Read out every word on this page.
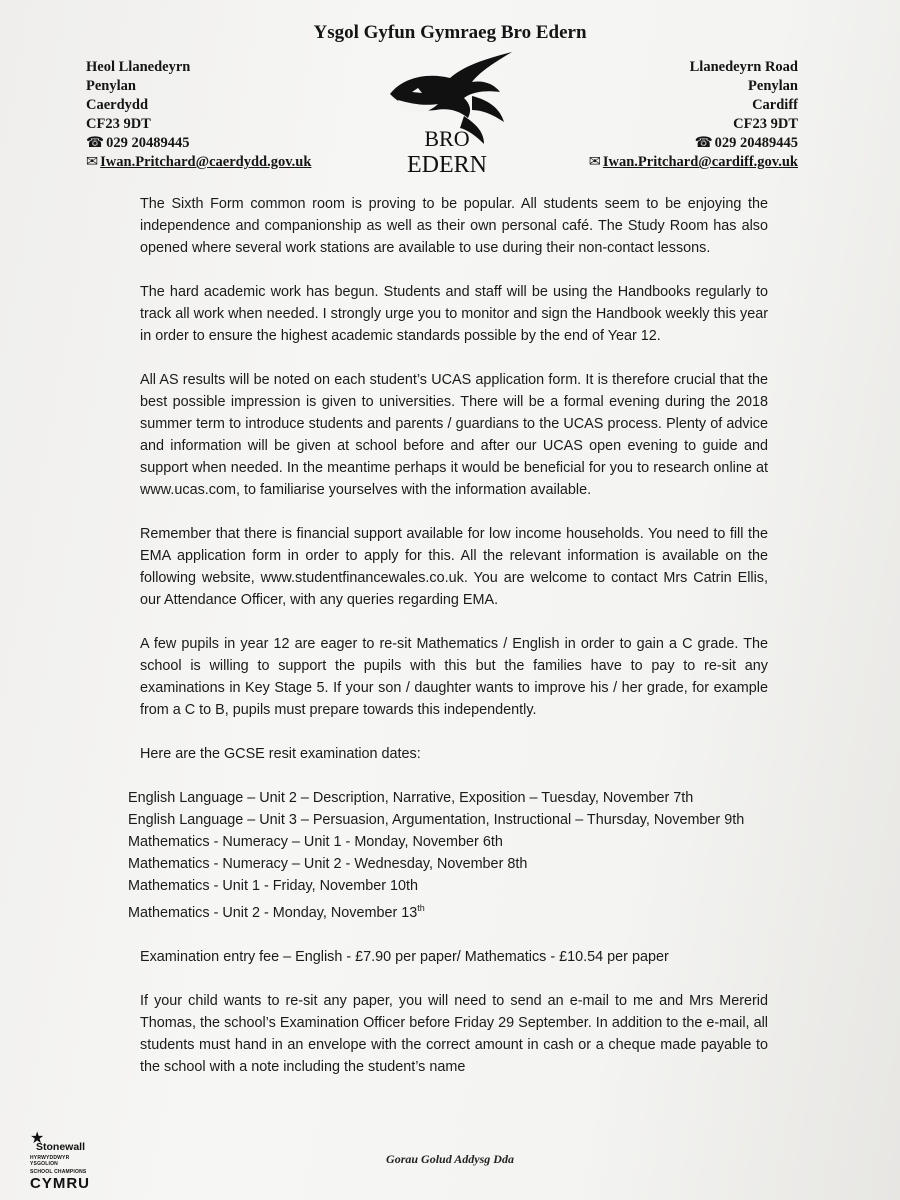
Ysgol Gyfun Gymraeg Bro Edern
Heol Llanedeyrn
Penylan
Caerdydd
CF23 9DT
☎ 029 20489445
✉ Iwan.Pritchard@caerdydd.gov.uk
BRO
EDERN
Llanedeyrn Road
Penylan
Cardiff
CF23 9DT
☎ 029 20489445
✉ Iwan.Pritchard@cardiff.gov.uk

The Sixth Form common room is proving to be popular. All students seem to be enjoying the independence and companionship as well as their own personal café. The Study Room has also opened where several work stations are available to use during their non-contact lessons.

The hard academic work has begun. Students and staff will be using the Handbooks regularly to track all work when needed. I strongly urge you to monitor and sign the Handbook weekly this year in order to ensure the highest academic standards possible by the end of Year 12.

All AS results will be noted on each student’s UCAS application form. It is therefore crucial that the best possible impression is given to universities. There will be a formal evening during the 2018 summer term to introduce students and parents / guardians to the UCAS process. Plenty of advice and information will be given at school before and after our UCAS open evening to guide and support when needed. In the meantime perhaps it would be beneficial for you to research online at www.ucas.com, to familiarise yourselves with the information available.

Remember that there is financial support available for low income households. You need to fill the EMA application form in order to apply for this. All the relevant information is available on the following website, www.studentfinancewales.co.uk. You are welcome to contact Mrs Catrin Ellis, our Attendance Officer, with any queries regarding EMA.

A few pupils in year 12 are eager to re-sit Mathematics / English in order to gain a C grade. The school is willing to support the pupils with this but the families have to pay to re-sit any examinations in Key Stage 5. If your son / daughter wants to improve his / her grade, for example from a C to B, pupils must prepare towards this independently.

Here are the GCSE resit examination dates:

English Language – Unit 2 – Description, Narrative, Exposition – Tuesday, November 7th
English Language – Unit 3 – Persuasion, Argumentation, Instructional – Thursday, November 9th
Mathematics - Numeracy – Unit 1 - Monday, November 6th
Mathematics - Numeracy – Unit 2 - Wednesday, November 8th
Mathematics - Unit 1 - Friday, November 10th
Mathematics - Unit 2 - Monday, November 13th

Examination entry fee – English - £7.90 per paper/ Mathematics - £10.54 per paper

If your child wants to re-sit any paper, you will need to send an e-mail to me and Mrs Mererid Thomas, the school’s Examination Officer before Friday 29 September. In addition to the e-mail, all students must hand in an envelope with the correct amount in cash or a cheque made payable to the school with a note including the student’s name

★
Stonewall
HYRWYDDWYR YSGOLION
SCHOOL CHAMPIONS
CYMRU
Gorau Golud Addysg Dda
